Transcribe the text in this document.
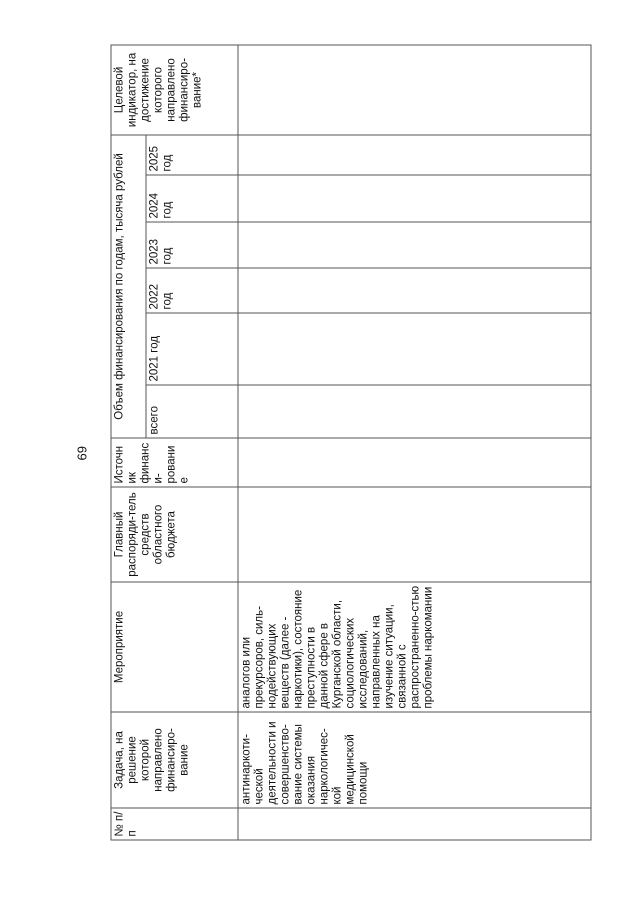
69
№ п/п	Задача, на решение которой направлено финансиро-вание	Мероприятие	Главный распоряди-тель средств областного бюджета	Источник финанси-рование	Объем финансирования по годам, тысяча рублей						Целевой индикатор, на достижение которого направлено финансиро-вание*
					всего	2021 год	2022 год	2023 год	2024 год	2025 год	
	антинаркоти-ческой деятельности и совершенство-вание системы оказания наркологичес-кой медицинской помощи	аналогов или прекурсоров, силь-нодействующих веществ (далее - наркотики), состояние преступности в данной сфере в Курганской области, социологических исследований, направленных на изучение ситуации, связанной с распространенно-стью проблемы наркомании									
